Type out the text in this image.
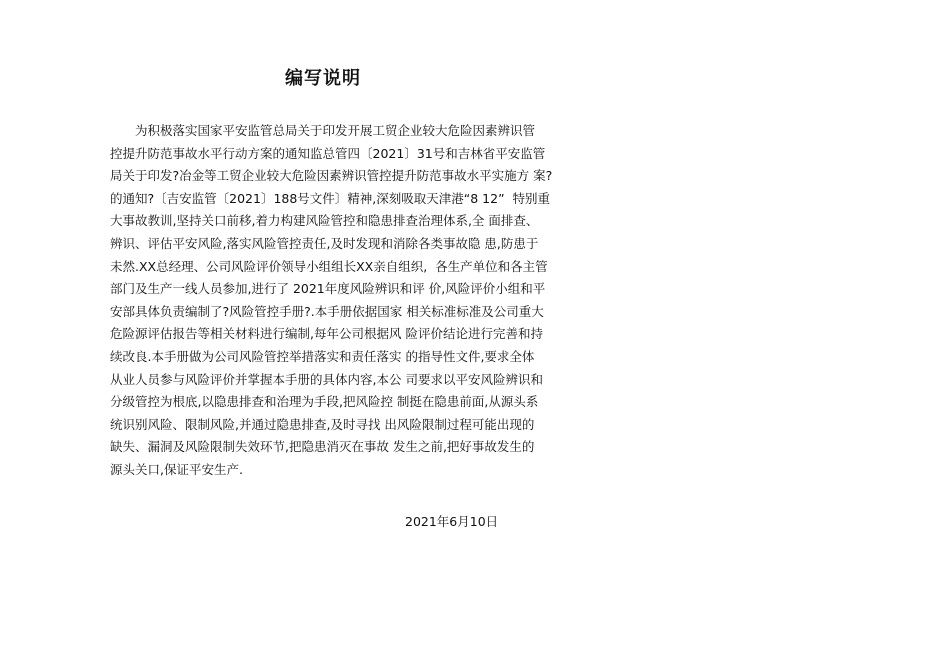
编写说明
为积极落实国家平安监管总局关于印发开展工贸企业较大危险因素辨识管
控提升防范事故水平行动方案的通知监总管四〔2021〕31号和吉林省平安监管
局关于印发?冶金等工贸企业较大危险因素辨识管控提升防范事故水平实施方 案?
的通知?〔吉安监管〔2021〕188号文件〕精神,深刻吸取天津港“8 12”  特别重
大事故教训,坚持关口前移,着力构建风险管控和隐患排查治理体系,全 面排查、
辨识、评估平安风险,落实风险管控责任,及时发现和消除各类事故隐 患,防患于
未然.XX总经理、公司风险评价领导小组组长XX亲自组织,  各生产单位和各主管
部门及生产一线人员参加,进行了 2021年度风险辨识和评 价,风险评价小组和平
安部具体负责编制了?风险管控手册?.本手册依据国家 相关标准标准及公司重大
危险源评估报告等相关材料进行编制,每年公司根据风 险评价结论进行完善和持
续改良.本手册做为公司风险管控举措落实和责任落实 的指导性文件,要求全体
从业人员参与风险评价并掌握本手册的具体内容,本公 司要求以平安风险辨识和
分级管控为根底,以隐患排查和治理为手段,把风险控 制挺在隐患前面,从源头系
统识别风险、限制风险,并通过隐患排查,及时寻找 出风险限制过程可能出现的
缺失、漏洞及风险限制失效环节,把隐患消灭在事故 发生之前,把好事故发生的
源头关口,保证平安生产.
2021年6月10日
